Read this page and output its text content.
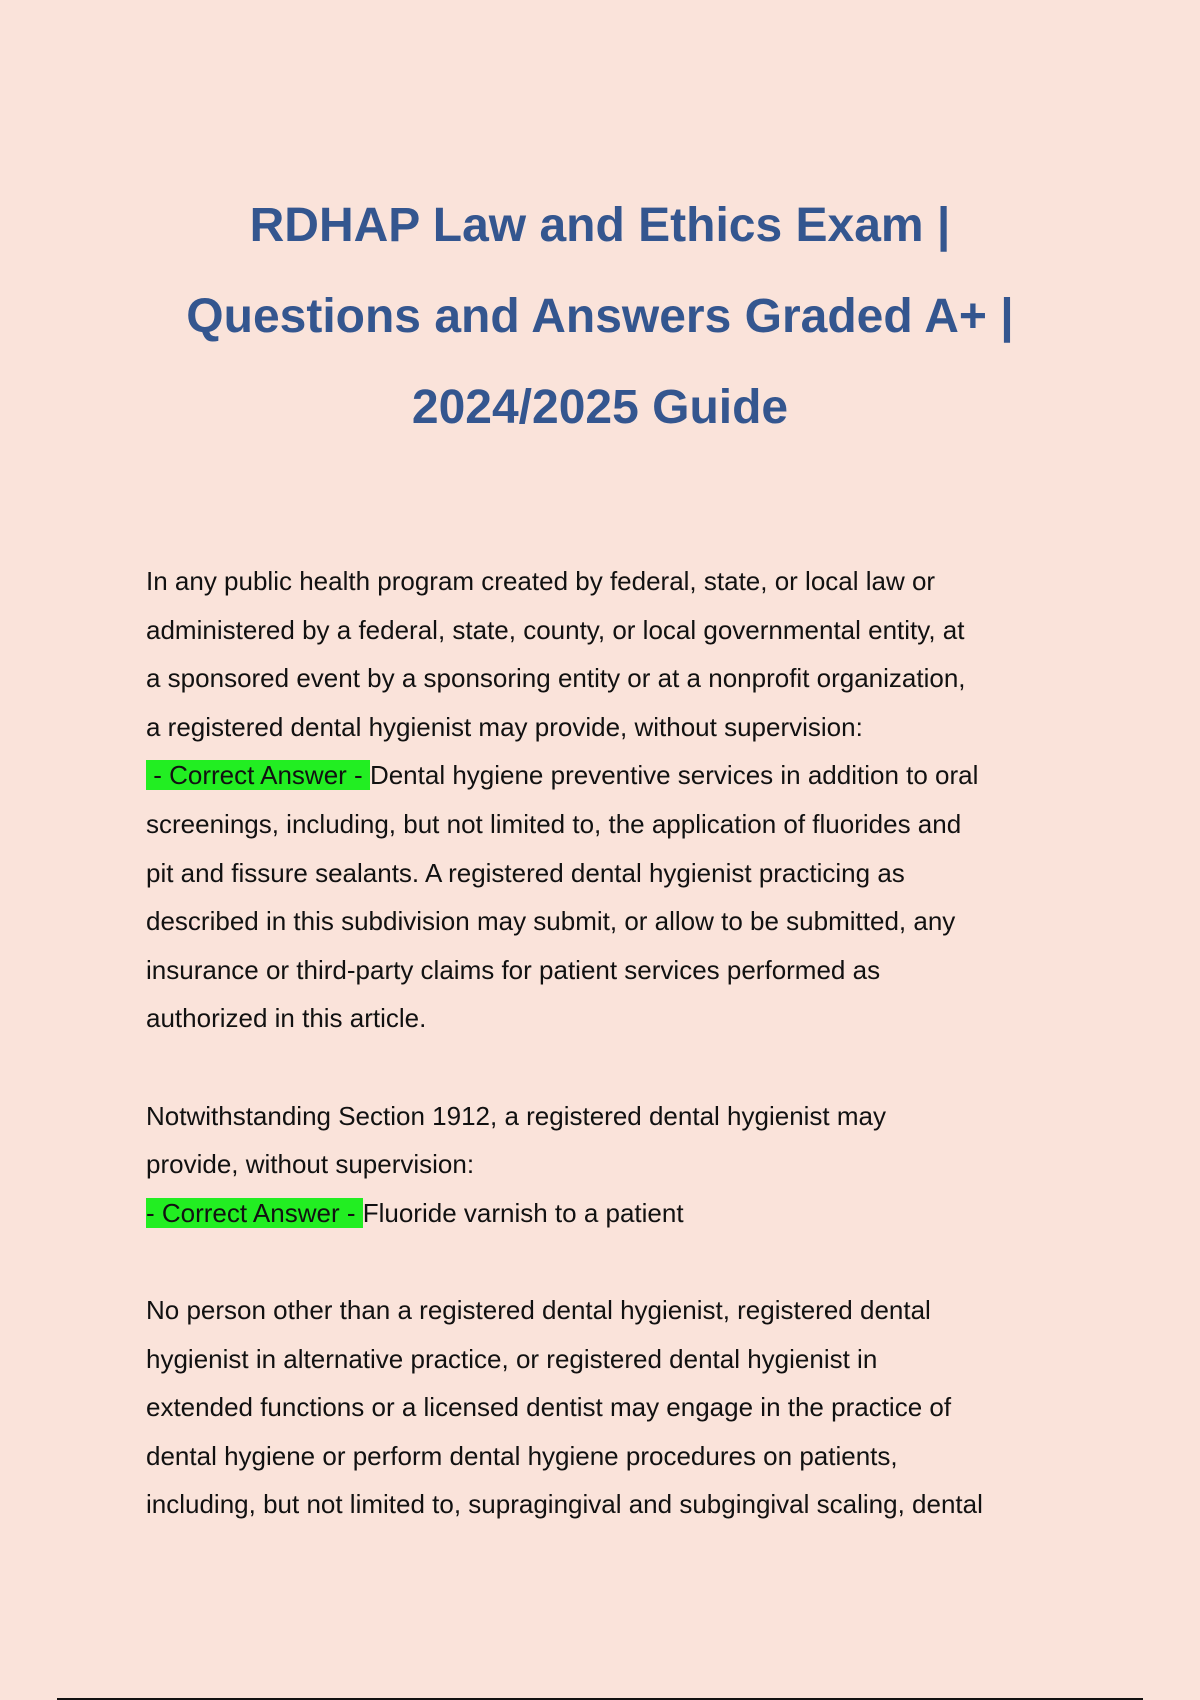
RDHAP Law and Ethics Exam |
Questions and Answers Graded A+ |
2024/2025 Guide
In any public health program created by federal, state, or local law or
administered by a federal, state, county, or local governmental entity, at
a sponsored event by a sponsoring entity or at a nonprofit organization,
a registered dental hygienist may provide, without supervision:
- Correct Answer - Dental hygiene preventive services in addition to oral
screenings, including, but not limited to, the application of fluorides and
pit and fissure sealants. A registered dental hygienist practicing as
described in this subdivision may submit, or allow to be submitted, any
insurance or third-party claims for patient services performed as
authorized in this article.
Notwithstanding Section 1912, a registered dental hygienist may
provide, without supervision:
- Correct Answer - Fluoride varnish to a patient
No person other than a registered dental hygienist, registered dental
hygienist in alternative practice, or registered dental hygienist in
extended functions or a licensed dentist may engage in the practice of
dental hygiene or perform dental hygiene procedures on patients,
including, but not limited to, supragingival and subgingival scaling, dental
